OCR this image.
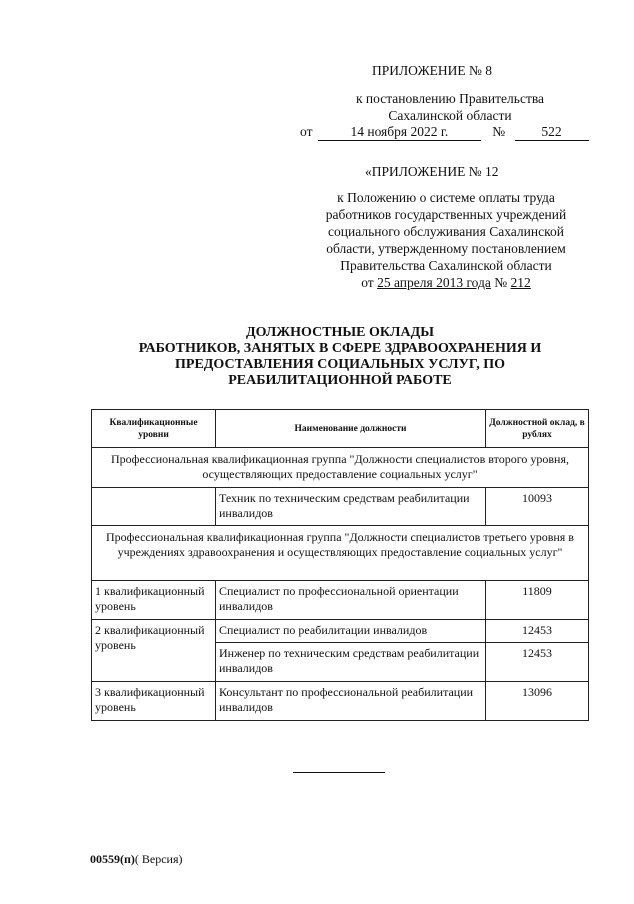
ПРИЛОЖЕНИЕ № 8
к постановлению Правительства
Сахалинской области
от	14 ноября 2022 г.	№	522
«ПРИЛОЖЕНИЕ № 12
к Положению о системе оплаты труда
работников государственных учреждений
социального обслуживания Сахалинской
области, утвержденному постановлением
Правительства Сахалинской области
от 25 апреля 2013 года № 212
ДОЛЖНОСТНЫЕ ОКЛАДЫ
РАБОТНИКОВ, ЗАНЯТЫХ В СФЕРЕ ЗДРАВООХРАНЕНИЯ И
ПРЕДОСТАВЛЕНИЯ СОЦИАЛЬНЫХ УСЛУГ, ПО
РЕАБИЛИТАЦИОННОЙ РАБОТЕ
Квалификационные уровни	Наименование должности	Должностной оклад, в рублях
Профессиональная квалификационная группа "Должности специалистов второго уровня, осуществляющих предоставление социальных услуг"		
	Техник по техническим средствам реабилитации инвалидов	10093
Профессиональная квалификационная группа "Должности специалистов третьего уровня в учреждениях здравоохранения и осуществляющих предоставление социальных услуг"		
1 квалификационный уровень	Специалист по профессиональной ориентации инвалидов	11809
2 квалификационный уровень	Специалист по реабилитации инвалидов	12453
	Инженер по техническим средствам реабилитации инвалидов	12453
3 квалификационный уровень	Консультант по профессиональной реабилитации инвалидов	13096
00559(п)( Версия)
